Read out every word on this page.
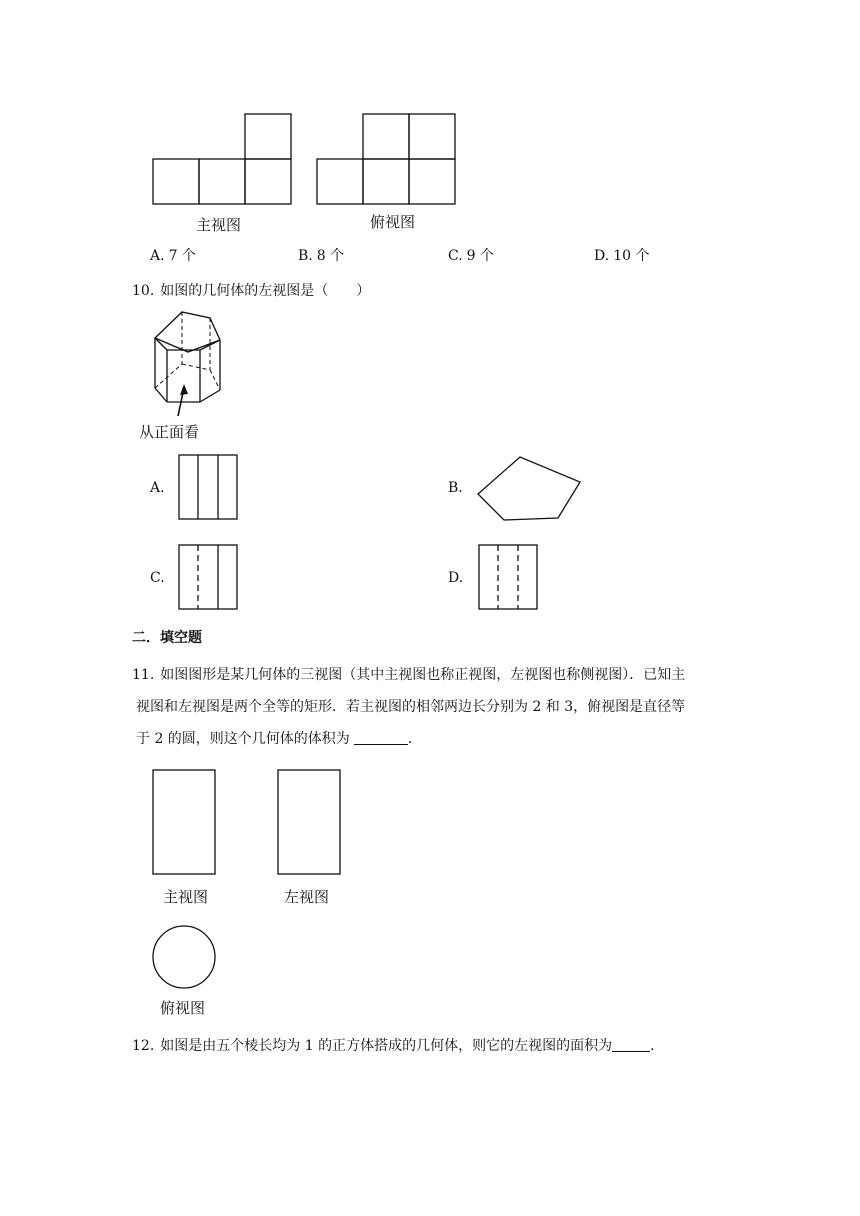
主视图	俯视图
A. 7 个	B. 8 个	C. 9 个	D. 10 个
10. 如图的几何体的左视图是（　　）
从正面看
A.	B.
C.	D.
二．填空题
11. 如图图形是某几何体的三视图（其中主视图也称正视图，左视图也称侧视图）．已知主
视图和左视图是两个全等的矩形．若主视图的相邻两边长分别为 2 和 3，俯视图是直径等
于 2 的圆，则这个几何体的体积为	．
主视图	左视图
俯视图
12. 如图是由五个棱长均为 1 的正方体搭成的几何体，则它的左视图的面积为	．
